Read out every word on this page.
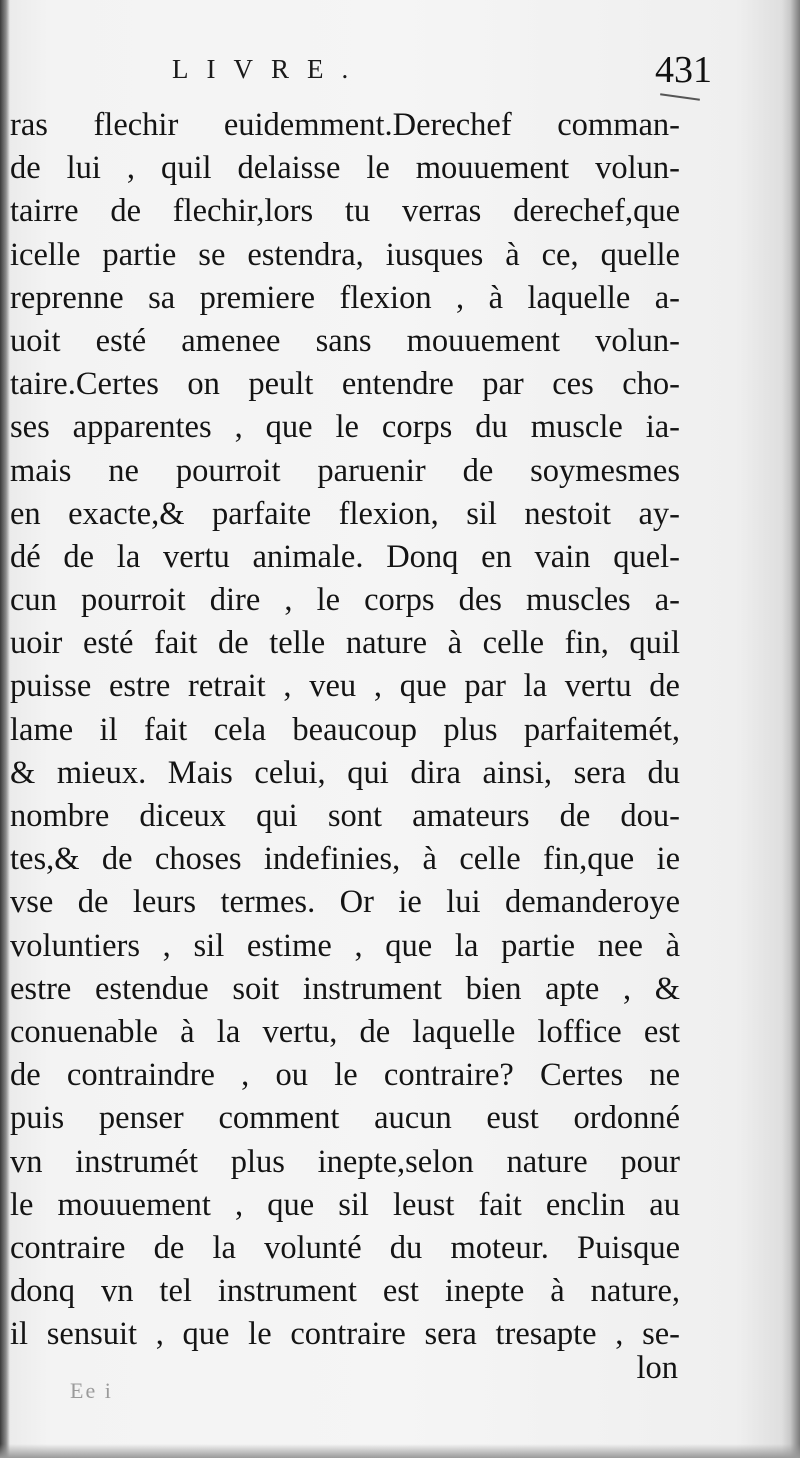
LIVRE.	431
ras flechir euidemment.Derechef comman-
de lui , quil delaisse le mouuement volun-
tairre de flechir,lors tu verras derechef,que
icelle partie se estendra, iusques à ce, quelle
reprenne sa premiere flexion , à laquelle a-
uoit esté amenee sans mouuement volun-
taire.Certes on peult entendre par ces cho-
ses apparentes , que le corps du muscle ia-
mais ne pourroit paruenir de soymesmes
en exacte,& parfaite flexion, sil nestoit ay-
dé de la vertu animale. Donq en vain quel-
cun pourroit dire , le corps des muscles a-
uoir esté fait de telle nature à celle fin, quil
puisse estre retrait , veu , que par la vertu de
lame il fait cela beaucoup plus parfaitemét,
& mieux. Mais celui, qui dira ainsi, sera du
nombre diceux qui sont amateurs de dou-
tes,& de choses indefinies, à celle fin,que ie
vse de leurs termes. Or ie lui demanderoye
voluntiers , sil estime , que la partie nee à
estre estendue soit instrument bien apte , &
conuenable à la vertu, de laquelle loffice est
de contraindre , ou le contraire? Certes ne
puis penser comment aucun eust ordonné
vn instrumét plus inepte,selon nature pour
le mouuement , que sil leust fait enclin au
contraire de la volunté du moteur. Puisque
donq vn tel instrument est inepte à nature,
il sensuit , que le contraire sera tresapte , se-
lon
Ee i
